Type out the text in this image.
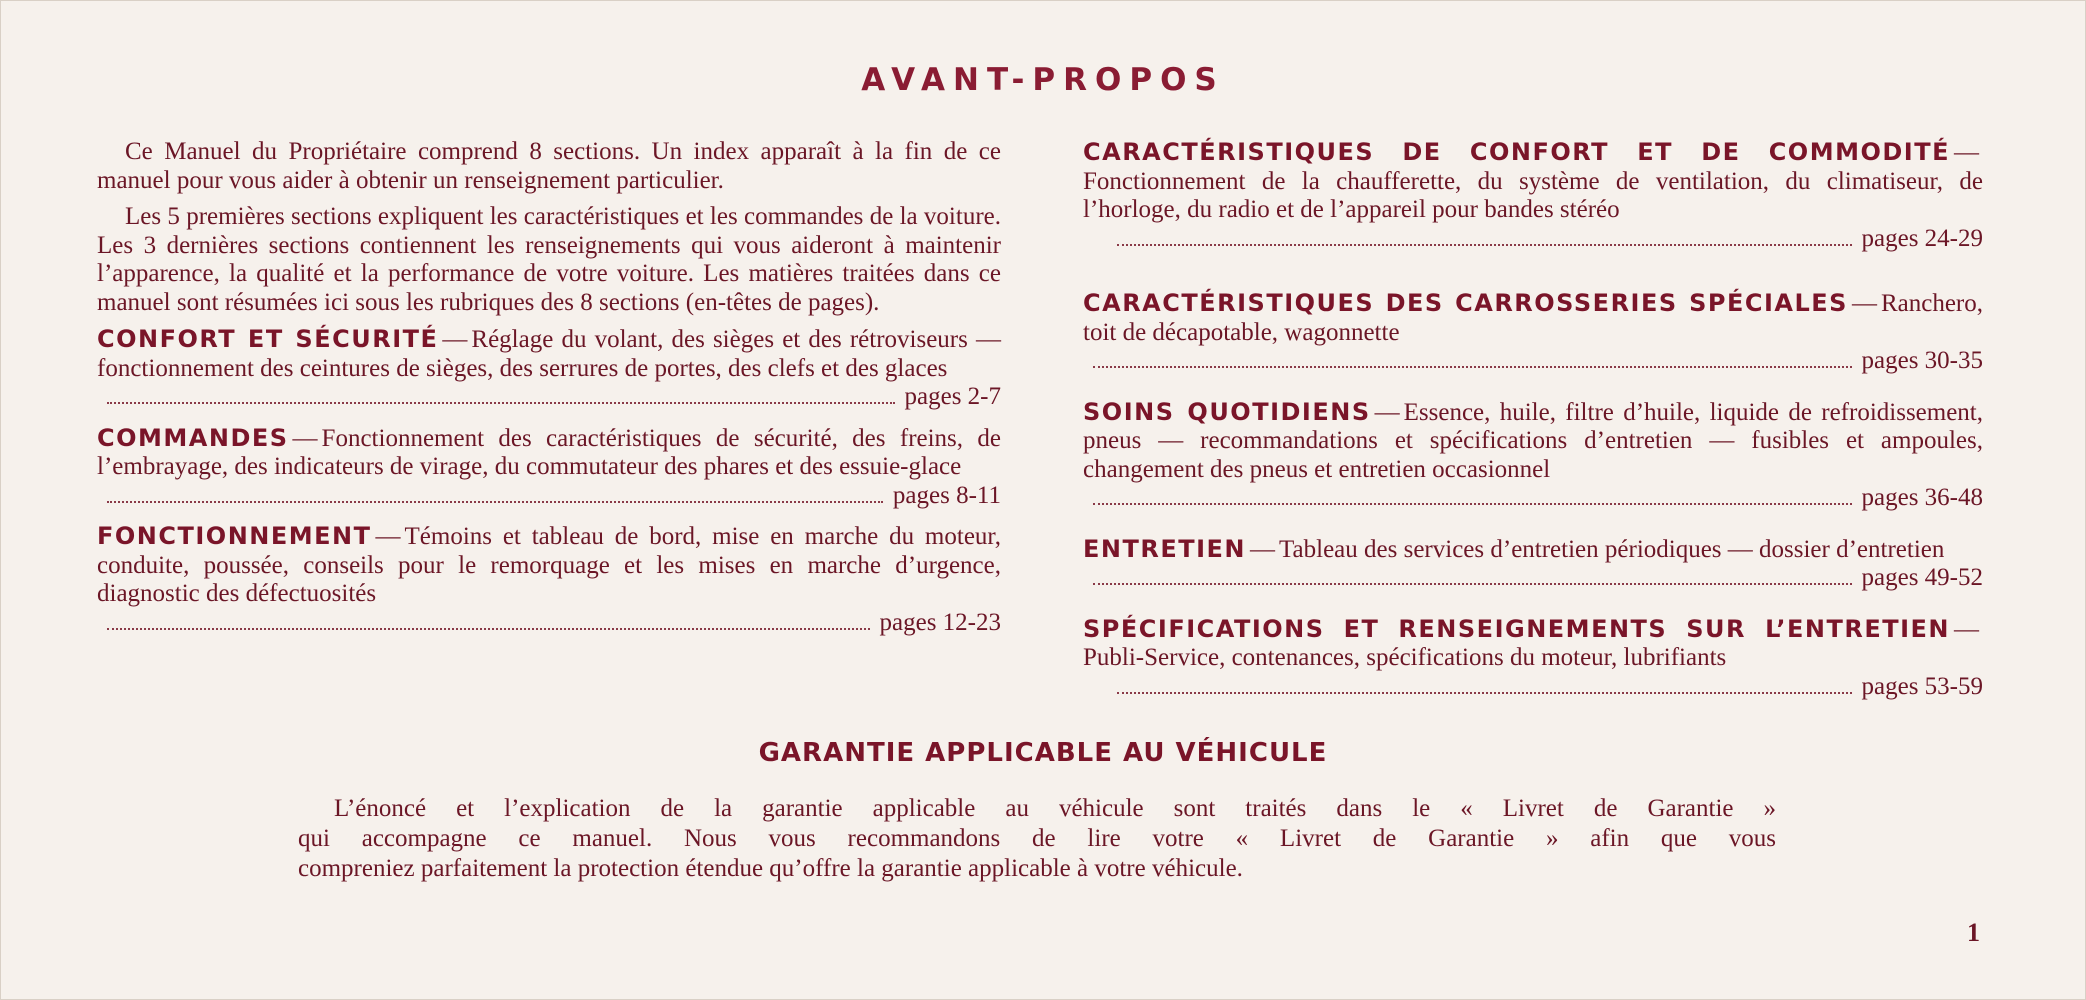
AVANT-PROPOS

Ce Manuel du Propriétaire comprend 8 sections. Un index apparaît à la fin de ce manuel pour vous aider à obtenir un renseignement particulier.

Les 5 premières sections expliquent les caractéristiques et les commandes de la voiture. Les 3 dernières sections contiennent les renseignements qui vous aideront à maintenir l’apparence, la qualité et la performance de votre voiture. Les matières traitées dans ce manuel sont résumées ici sous les rubriques des 8 sections (en-têtes de pages).

CONFORT ET SÉCURITÉ — Réglage du volant, des sièges et des rétroviseurs — fonctionnement des ceintures de sièges, des serrures de portes, des clefs et des glaces
pages 2-7
COMMANDES — Fonctionnement des caractéristiques de sécurité, des freins, de l’embrayage, des indicateurs de virage, du commutateur des phares et des essuie-glace
pages 8-11
FONCTIONNEMENT — Témoins et tableau de bord, mise en marche du moteur, conduite, poussée, conseils pour le remorquage et les mises en marche d’urgence, diagnostic des défectuosités
pages 12-23
CARACTÉRISTIQUES DE CONFORT ET DE COMMODITÉ —Fonctionnement de la chaufferette, du système de ventilation, du climatiseur, de l’horloge, du radio et de l’appareil pour bandes stéréo
pages 24-29
CARACTÉRISTIQUES DES CARROSSERIES SPÉCIALES — Ranchero, toit de décapotable, wagonnette
pages 30-35
SOINS QUOTIDIENS — Essence, huile, filtre d’huile, liquide de refroidissement, pneus — recommandations et spécifications d’entretien — fusibles et ampoules, changement des pneus et entretien occasionnel
pages 36-48
ENTRETIEN — Tableau des services d’entretien périodiques — dossier d’entretien
pages 49-52
SPÉCIFICATIONS ET RENSEIGNEMENTS SUR L’ENTRETIEN —Publi-Service, contenances, spécifications du moteur, lubrifiants
pages 53-59
GARANTIE APPLICABLE AU VÉHICULE
L’énoncé et l’explication de la garantie applicable au véhicule sont traités dans le « Livret de Garantie »
qui accompagne ce manuel. Nous vous recommandons de lire votre « Livret de Garantie » afin que vous
compreniez parfaitement la protection étendue qu’offre la garantie applicable à votre véhicule.
1
